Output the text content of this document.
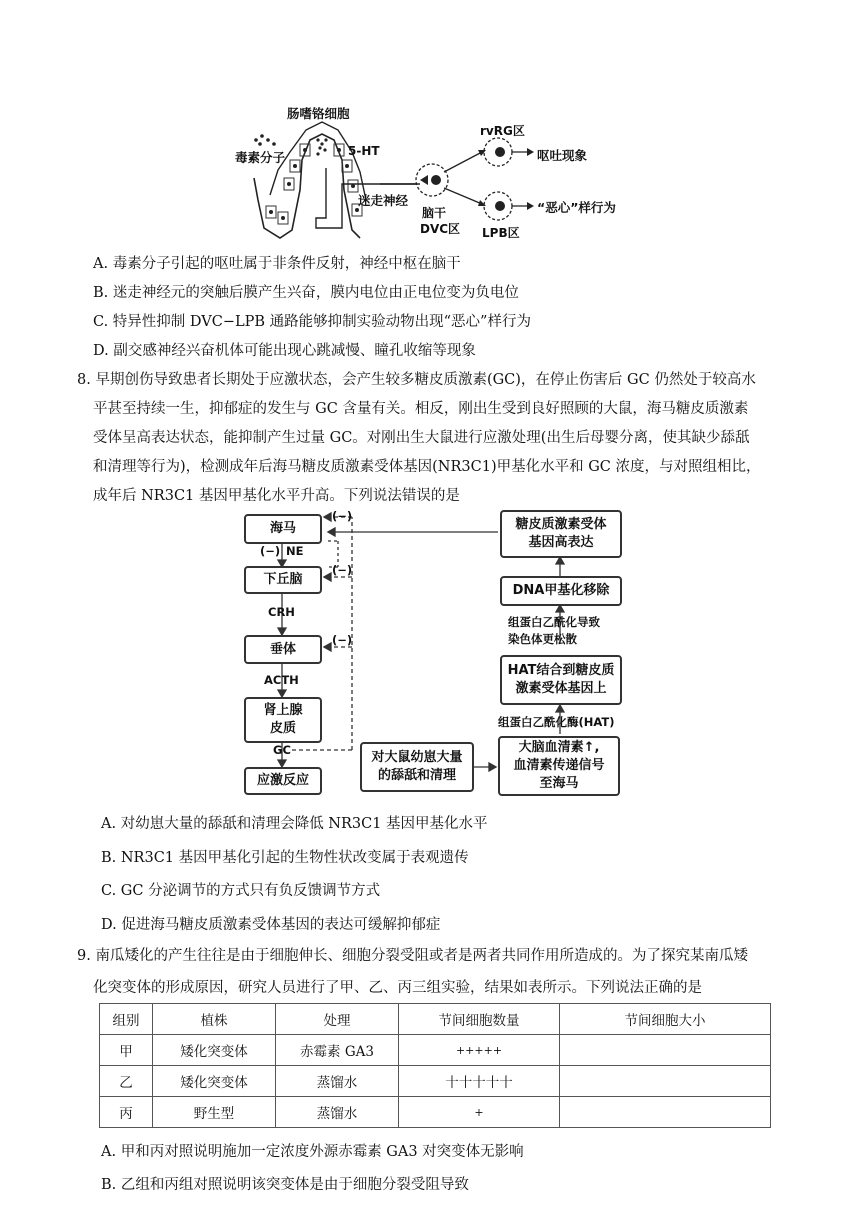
肠嗜铬细胞
毒素分子	5-HT
迷走神经
脑干
DVC区
rvRG区
呕吐现象
LPB区
“恶心”样行为
A. 毒素分子引起的呕吐属于非条件反射，神经中枢在脑干
B. 迷走神经元的突触后膜产生兴奋，膜内电位由正电位变为负电位
C. 特异性抑制 DVC−LPB 通路能够抑制实验动物出现“恶心”样行为
D. 副交感神经兴奋机体可能出现心跳减慢、瞳孔收缩等现象
8. 早期创伤导致患者长期处于应激状态，会产生较多糖皮质激素(GC)，在停止伤害后 GC 仍然处于较高水
平甚至持续一生，抑郁症的发生与 GC 含量有关。相反，刚出生受到良好照顾的大鼠，海马糖皮质激素
受体呈高表达状态，能抑制产生过量 GC。对刚出生大鼠进行应激处理(出生后母婴分离，使其缺少舔舐
和清理等行为)，检测成年后海马糖皮质激素受体基因(NR3C1)甲基化水平和 GC 浓度，与对照组相比，
成年后 NR3C1 基因甲基化水平升高。下列说法错误的是
海马
下丘脑
垂体
肾上腺
皮质
应激反应
(−) NE
CRH
ACTH
GC
(−)
(−)
(−)
对大鼠幼崽大量
的舔舐和清理
大脑血清素↑,
血清素传递信号
至海马
组蛋白乙酰化酶(HAT)
HAT结合到糖皮质
激素受体基因上
组蛋白乙酰化导致
染色体更松散
DNA甲基化移除
糖皮质激素受体
基因高表达
A. 对幼崽大量的舔舐和清理会降低 NR3C1 基因甲基化水平
B. NR3C1 基因甲基化引起的生物性状改变属于表观遗传
C. GC 分泌调节的方式只有负反馈调节方式
D. 促进海马糖皮质激素受体基因的表达可缓解抑郁症
9. 南瓜矮化的产生往往是由于细胞伸长、细胞分裂受阻或者是两者共同作用所造成的。为了探究某南瓜矮
化突变体的形成原因，研究人员进行了甲、乙、丙三组实验，结果如表所示。下列说法正确的是
组别	植株	处理	节间细胞数量	节间细胞大小
甲	矮化突变体	赤霉素 GA3	+++++	
乙	矮化突变体	蒸馏水	十十十十十	
丙	野生型	蒸馏水	+	
A. 甲和丙对照说明施加一定浓度外源赤霉素 GA3 对突变体无影响
B. 乙组和丙组对照说明该突变体是由于细胞分裂受阻导致
